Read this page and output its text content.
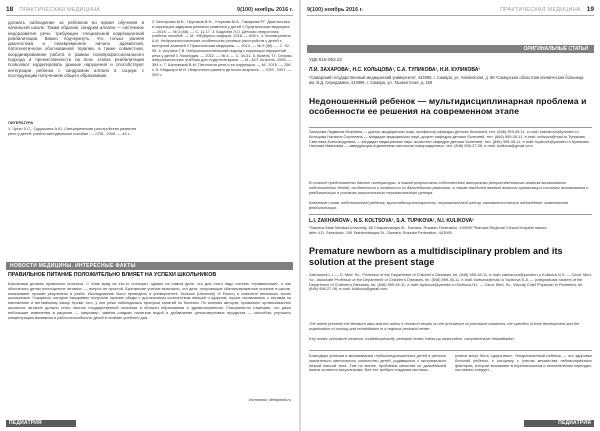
18 ПРАКТИЧЕСКАЯ МЕДИЦИНА	9(100) ноябрь 2016 г.
должать наблюдение за ребенком во время обучения в начальной школе. Таким образом, синдром аллали — системное недоразвитие речи, требующее специальной коррекционной реабилитации. Важно подчеркнуть, что только ранняя диагностика и своевременное начало адекватной, патогенетически обоснованной терапии, а также совместная, координированная работа в рамках полипрофессионального подхода и преемственности на всех этапах реабилитации позволяют корригировать данные нарушения и способствуют интеграции ребенка с синдромом аллали в социум с последующим получением общего образования.
ЛИТЕРАТУРА
1. Чутко Л.С., Сурушкина А.Ю. Специфические расстройства развития речи у детей: учебно-методическое пособие. — СПб., 2006. — 43 с.
2. Белоусова М.В., Прусаков В.Ф., Уткузова М.А., Гамирова Р.Г. Диагностика и коррекция задержки речевого развития у детей // Практическая медицина. — 2015. — № 3 (88). — С. 11-17. 3. Бадалян Л.О. Детская неврология: учебное пособие. — М.: МЕДпресс-информ, 2016. — 608 с. 4. Зиннатуллина А.Н. Нейропатологические особенности речевых расстройств у детей с моторной алалией // Практическая медицина. — 2014. — № 9 (85). — С. 92-95. 5. Ахутина Т.В. Нейропсихологический подход к коррекции нарушений речи у детей // Логопедия. — 2012. — № 4. — С. 34-41. 6. Визель Т.Г. Основы нейропсихологии: учебник для студентов вузов. — М.: АСТ Астрель, 2005. — 384 с. 7. Шкловский В.М. Патология речи и ее коррекция. — М., 2015. — 256 с. 8. Мидшири М.И. Неврология раннего детского возраста. — СПб., 2007. — 200 с.
НОВОСТИ МЕДИЦИНЫ. ИНТЕРЕСНЫЕ ФАКТЫ
ПРАВИЛЬНОЕ ПИТАНИЕ ПОЛОЖИТЕЛЬНО ВЛИЯЕТ НА УСПЕХИ ШКОЛЬНИКОВ
Школьники должны правильно питаться. С этим вряд ли кто-то поспорит, однако на самом деле, что для этого надо считать «правильным», и как обеспечить детям полноценное питание, — вопрос не простой. Британские ученые выяснили, что дети, получающие сбалансированное питание в школе, показывают лучшие результаты в учебе. Исследование было проведено в университете Эссекса (University of Essex) и охватило несколько тысяч школьников. Учащиеся, которые ежедневно получали горячие обеды с достаточным количеством овощей и фруктов, лучше справлялись с тестами по математике и английскому языку. Кроме того, у них реже наблюдались пропуски занятий по болезни. По мнению авторов, правильно организованное школьное питание должно стать частью государственной политики в области образования и здравоохранения. Специалисты отмечают, что даже небольшие изменения в рационе — например, замена сладких напитков водой и добавление цельнозерновых продуктов — способны улучшить концентрацию внимания и работоспособность детей в течение учебного дня.
Источник: Medportal.ru
ПЕДИАТРИЯ
9(100) ноябрь 2016 г.	ПРАКТИЧЕСКАЯ МЕДИЦИНА 19
ОРИГИНАЛЬНЫЕ СТАТЬИ
УДК 616-053.32
Л.И. ЗАХАРОВА¹, Н.С. КОЛЬЦОВА¹, С.А. ТУПИКОВА¹, Н.И. КУЛИКОВА²
¹Самарский государственный медицинский университет, 443099, г. Самара, ул. Чапаевская, д. 89 ²Самарская областная клиническая больница им. В.Д. Середавина, 443095, г. Самара, ул. Ташкентская, д. 159
Недоношенный ребенок — мультидисциплинарная проблема и особенности ее решения на современном этапе
Захарова Людмила Игоревна — доктор медицинских наук, профессор кафедры детских болезней, тел. (846) 959-45-11, e-mail: zakharova@yandex.ru Кольцова Наталья Сергеевна — кандидат медицинских наук, доцент кафедры детских болезней, тел. (846) 959-45-11, e-mail: koltsova@mail.ru Тупикова Светлана Александровна — кандидат медицинских наук, ассистент кафедры детских болезней, тел. (846) 959-45-11, e-mail: tupikova@yandex.ru Куликова Наталия Ивановна — заведующая отделением патологии новорожденных, тел. (846) 956-27-08, e-mail: kulikova@gmail.com
В статье представлены данные литературы, а также результаты собственного авторского ретроспективного анализа выхаживания недоношенных детей, особенности и сложности их дальнейшего развития, а также наиболее важные вопросы организации системы выхаживания и реабилитации в условиях регионального перинатального центра.
Ключевые слова: недоношенный ребенок, мультидисциплинарность, перинатальный центр, катамнестическое наблюдение, комплексная реабилитация.
L.I. ZAKHAROVA¹, N.S. KOLTSOVA¹, S.A. TUPIKOVA¹, N.I. KULIKOVA²
¹Samara State Medical University, 89 Chapaevskaya St., Samara, Russian Federation, 443099 ²Samara Regional Clinical Hospital named after V.D. Seredavin, 159 Tashkentskaya St., Samara, Russian Federation, 443095
Premature newborn as a multidisciplinary problem and its solution at the present stage
Zakharova L.I. — D. Med. Sc., Professor of the Department of Children's Diseases, tel. (846) 959-45-11, e-mail: zakharova@yandex.ru Koltsova N.S. — Cand. Med. Sc., Associate Professor of the Department of Children's Diseases, tel. (846) 959-45-11, e-mail: koltsova@mail.ru Tupikova S.A. — postgraduate student of the Department of Children's Diseases, tel. (846) 959-45-11, e-mail: tupikova@yandex.ru Kulikova N.I. — Cand. Med. Sc., Deputy Chief Physician in Pediatrics, tel. (846) 956-27-08, e-mail: kulikova@gmail.com
The article presents the literature data and the author's research results on the prevalence of premature newborns, the specifics of their development and the organization of nursing and rehabilitation in a regional perinatal center.
Key words: premature newborn, multidisciplinarity, perinatal center, follow-up observation, comprehensive rehabilitation.
Благодаря успехам в выхаживании глубоконедоношенных детей в регионе значительно увеличилось количество детей, родившихся с экстремально низкой массой тела. Тем не менее, проблемы качества их дальнейшей жизни остаются актуальными. Все это требует создания системы...
успехи могут быть «дорогими», «Недоношенный ребенок — это здоровье больной ребенок, к которому с учетом множества неблагоприятных факторов, которые возникают в перинатальном и неонатальном периодах, постоянно следует...
ПЕДИАТРИЯ
